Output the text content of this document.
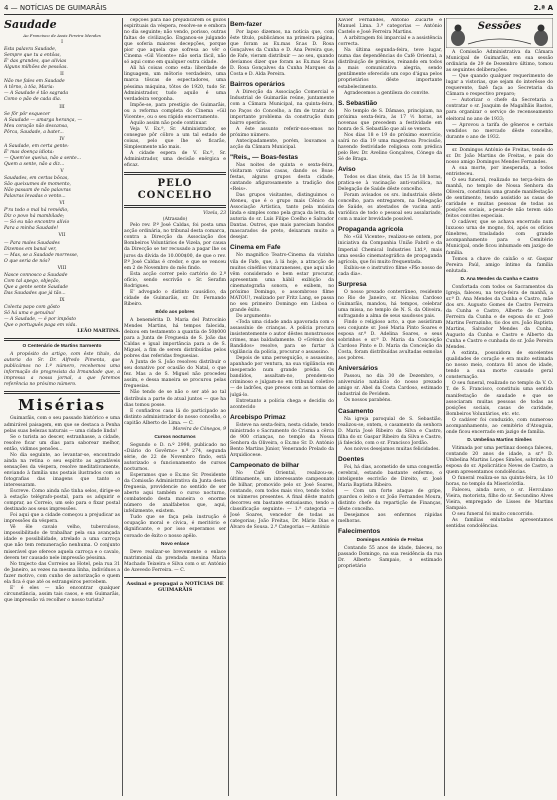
4 — NOTÍCIAS DE GUIMARÃIS	2.ª A
Saudade
Ao Francisco de Assis Pereira Mendes
I
Esta palavra Saudade,
Sempre que tu a entôas,
É' das grandes, que alívias
Alguns milhões de pessôas.
II
Não me fales em Saudade
A tôrno, à tôa, Maria:
— A Saudade é tão sagrada
Como o pão de cada dia.
III
Se fôr pôr esquecer
A Saudade — amarga herança, —
Meu coração não descansa,
Pôrca, Saudade, a bater...
IV
A Saudade, em certa gente:
É' mas doença idiota:
— Quem'se queixa, não a sente...
Quem a sente, não a diz...
V
Saudades, em certas bôcas,
São queixumes de momento,
Não passam de não palavras
Palavras levadas o vento...
VI
P'ra todo o mal há remédio,
Diz o povo há mambilade;
— Só eu não encontro alívio
Para a minha Saudade!
VII
— Para males Saudades
Dizemos em banal ver,
— Mas, se a Saudade morresse,
O que seria de nós?
VIII
Nasce connosco a Saudade
Com tal apego, objeção,
Que a gente sente Saudade
Das Saudades que já tão...
IX
Colecta papo com gôsto
Sô há uma e genuína!
— A Saudade, — é por impôsto
Que o português paga em vida.
LEÃO MARTINS.
O Centenário de Martins Sarmento

A propósito do artigo, com êste título, da autoria do Sr. Dr. Alfredo Pimenta, que publicámos no 1.º número, recebemos uma informação do progresista da Irmandade que, a impressa a nossa jornal, a que faremos referência no próximo número.

Misérias

Guimarãis, com o seu passado histórico e uma admirável paisagem, em que se destaca a Penha pelas suas belezas naturais — uma cidade linda!

Se o turista ao descer, estranhasse, a cidade, resolve ficar um dias para saborear melhor, então, vidimos pensões...

No dia seguinte, ao levantar-se, encontrado ainda na retina o seu espírito as agradáveis sensações da véspera, resolve meditativamente, enviando à família uns postais ilustrados com as fotografias das imagens que tanto o interessaram.

Escreve. Como ainda não tinha selos, dirige-se à estação telégrafo-postal, para os adquirir e comprar, ao Correio, um selo para o fixar postal destinado aos seus impressões.

Foi aqui que a cidade começou a prejudicar as impressões da véspera.

Vê êle cavalo velho, tuberculoso, impossibilitado de trabalhar pela sua avançada idade e possibilidade, atrelado a uma carroça que não tem remuneração nenhuma. O conjunto miserável que oferece aquela carroça e o cavalo, devem ter causado nele impressão péssima.

No trajecto das Correios ao Hotel, pela rua 31 de Janeiro, as vezes na mesma linha, indivíduos a fazer motivo, com cunho de autorização e quem ela fica é que até os estrangeiros percebem.

E' é eles — não encontrar qualquer circunstância, assim tais casos, e em Guimarãis, que impressão vá recolher o nosso turista?

cepções para não prejudicarem os gôzos espirituais da véspera, resolve-se e embora no dia seguinte; não vendo, porisso, outras faltas de civilização. Enganou-se julgando que soferia maiores decepções, porque pior que aquela que sofresa ao vêr o Cinema «Gil Vicente» não seria fácil, não só aqui como em qualquer outra cidade.

Ali há coisas como esta: liberdade de linguagem, um môtorio verdadeiro, uma marca tôscas de espectadores, uma péssima máquina, tôtos de 1920, tudo Sr. Administrador, tudo aquilo é uma verdadeira vergonha.

Impõe-se, para prestígio de Guimarãis, ou a reforma completa do Cinema «Gil Vicente», ou o seu rápido encerramento.

Aquilo assim não pode continuar.

Veja V. Ex.ª, Sr. Administrador, se consegue pôr côbro a um tal estado de coisas, pelo que lhe só ficarão, Simplesmente não mais.

A cidade espera de V. Ex.ª, Sr. Administrador, uma decisão enérgica e eficaz.

PELO CONCELHO
Vizela, 23
(Atrasado)

Pelo rev. P.º José Caldas, foi posta uma acção ordinária, no tribunal desta comarca, contra a Direcção da Associação dos Bombeiros Voluntários de Vizela, por causa da Direcção se ter recusado a pagar lhe os juros da dívida de 10.000$00, de que o rev. P.º José Caldas é credor, e que se venceu em 2 de Novembro do mês findo.

Esta acção correr pelo cartório do 2.º ofício, sendo escrivão o Sr. Serafim Rodrigues.

E' advogado o distinto causídico, da cidade de Guimarãis, sr. Dr. Fernando Ribeiro.

Bôdo aos pobres

A benemérita D. Maria del Patrocínio Mendes Martins, há tempos falecida, deixou em testamento a quantia de 50$000 para a Junta de Freguesia de S. João das Caldas e igual importância para a de S. Miguel, a fim de serem distribuídas pelos pobres das referidas freguesias.

A Junta de S. João resolveu distribuir o seu donativo por ocasião do Natal, o que fez. Mas a de S. Miguel não procedeu assim, e dessa maneira se procurou pelas freguesias.

Não tendo de se não o ser até ao tal distribuiu a parte do atual juntos — que ha dias tomou posse.

E confiadros casa lá do participado ao distinto administrador do nosso concelho, o capitão Alberto de Lima. — C.

Moreira de Cónegos, 9
Cursos nocturnos

Segundo o D. n.º 2998, publicado no «Diário do Govêrno» n.º 274, segunda série, de 22 de Novembro findo, está autorizado o funcionamento de cursos nocturnos.

Esperamos que o Ex.mo Sr. Presidente da Comissão Administrativa da Junta desta freguesia, providencie no sentido de ser aberto aqui também o curso nocturno, combatendo desta maneira o enorme número de analfabetos que, aqui, infelizmente, existem.

Tudo que se faça pela instrução é ocupação moral e cívica, é meritório e dignificante, e por isso esperamos ser coroado de êxito o nosso apêlo.

Novo enlace

Deve realizar-se brevemente o enlace matrimonial da prendada menina Maria Machado Teixeira e Silva com o sr. António de Azevedo Ferreira. — C.

Assinai e propagai a NOTÍCIAS DE GUIMARÃIS
Bem-fazer

Por lapso dizemos, na notícia que, com êste título, publicámos na primeira página, que foram as Ex.mas Sr.as D. Rosa Gonçalves da Cunha e D. Ana Pereira que, de Fafe, vieram distribuir — ao seu, quando devíamos dizer que foram as Ex.mas Sr.as D. Rosa Gonçalves da Cunha Marques da Costa e D. Alda Pereira.

Bairros operários

A Direcção da Associação Comercial e Industrial de Guimarãis reúne, juntamente com a Câmara Municipal, na quinta-feira, no Paços do Concelho, a fim de tratar do importante problema da construção dum bairro operário.

A êste assunto referir-nos-emos no próximo número.

Antecipadamente, porém, louvamos a acção da Câmara Municipal.

"Reis„ — Boas-festas

Nas noites de quinta e sexta-feira, visitaram várias casas, dando os Boas-festas, alguns grupos desta cidade, cantando afigurosamente a tradição dos «Reis».

Das grupos visitantes, distinguimos o Ateneu, que é o grupo mais Cênico da Associação Artística, tanto pela música linda e simples como pela graça da letra, da autoria do sr. Luís Filipe Coelho e Salvador Dantas. Outros, que mais pareciam bandos mascarados de preto, deixaram muito a desejar.

Cinema em Fafe

No magnífico Teatro-Cinema da vizinha vila de Fafe, que, à lá hoje, a atracção de muitos cinéfilos vimaranenses, que aqui não vêm considerado e bem estar procurar, apresentam uma hábil exibição da cinematografia sonora, e exibem, no próximo Domingo, o assombroso filme MATOU!, realizado por Fritz Lang, se passa no seu primeiro Domingo em Lisboa o grande êxito.

Do argumento:

«Toda uma cidade anda apavorada com o assassínio de crianças. A polícia procura insistentemente o autor dêstes monstruosos crimes, mas baldadamente. O «Grémio dos Bandidos» resolve, para se furtar à vigilância da polícia, procurar o assassino.

Depois de uma perseguição, o assassino, apanhado por ventura, na sua vigilância em inesperado num grande prédio. Os bandidos, assaltam-no, prendem-no criminoso e julgam-no em tribunal coletivo — de ladrões, que presos com as tormas de julgá-lo.

Entretanto a polícia chega e decidiu do acontecido

Arcebispo Primaz

Esteve na sexta-feira, nesta cidade, tendo ministrado o Sacramento do Crisma a cêrca de 900 crianças, no templo da Nossa Senhora da Oliveira, o Ex.mo Sr. D. António Bento Martins Júnior, Venerando Prelado da Arquidiocese.

Campeonato de bilhar

No Café Oriental, realizou-se, últimamente, um interessante campeonato de bilhar, promovido pelo sr. José Soares, contando, com todos mais vivo, tendo todos os números presentes. A final dêste match decorreu em bastante entusiasmo, tendo a classificação seguinte: — 1.ª categoria — José Soares, vencedor de todas as categorias; João Freitas, Dr. Mário Dias e Álvaro de Sousa. 2.ª Categorias — António

Xavier Fernandes, António Zucarte e Manuel Lima. 3.ª categorias — António Castelo e José Ferreira Martins.

A arbitragem foi imparcial e a assistência correcta.

Na última segunda-feira, teve lugar, numa das dependências do Café Oriental, a distribuição de prémios, reinando em todos a mais comunicativa alegria, sendo gentilmente oferecido um copo d'água pelos proprietários dêste importante estabelecimento.

Agradecemos a gentileza do convite.

S. Sebastião

No templo de S. Dâmaso, principiam, na próxima sexta-feira, às 17 ½ horas, as novenas que precedem a festividade em honra de S. Sebastião que ali se venera.

Nos dias 18 e 19 do próximo exercício, saírá no dia 19 uma magestosa Procissão, havendo festividade religiosa com prédica pelo Rev. Dr. Avelino Gonçalves, Cónego da Sé de Braga.

Aviso

Todos os dias úteis, das 15 às 18 horas, pratica-se à vacinação anti-variólica, na Delegação de Saúde dêste concelho.

Foram avisados os srs. industriais dêste concelho, para entregarem, na Delegação de Saúde, os atestados de vacina anti-variólica de todo o pessoal seu assalariado, com a maior brevidade possível.

Propaganda agrícola

No «Gil Vicente», realizou-se ontem, por iniciativa da Companhia União Fabril e da Imperial Chemical Industries Ltd.º, mais uma sessão cinematográfica de propaganda agrícola, que foi muito frequentada.

Exibiu-se o instrutivo filme «Pão nosso de cada dia».

Surpresa

O nosso prezado conterrâneo, residente no Rio de Janeiro, sr. Nicolau Cardoso Guimarãis, mandou, há tempos, celebrar uma missa, no templo de N. S. da Oliveira, sufragando a alma de seus saudosos pais.

Findo o religioso acto, a que assistiram seu conjunte sr. José Maria Pinto Soares e esposa sr.ª D. Adelina Soares, e seus sobrinhos e sr.ª D. Maria da Conceição Cardoso Pinto e D. Maria da Conceição da Costa, foram distribuídas avultadas esmolas aos pobres.

Aniversários

Passou, no dia 30 de Dezembro, o aniversário natalício do nosso prezado amigo sr. Abel da Costa Cardoso, estimado industrial do Pevidem.

Os nossos parabéns.

Casamento

Na igreja paroquial de S. Sebastião, realizou-se, ontem, o casamento da senhora D. Maria José Ribeiro da Silva e Castro, filha do sr. Gaspar Ribeiro da Silva e Castro, já falecido, com o sr. Francisco Jordão.

Aos noivos desejamos muitas felicidades.

Doentes

Foi, há dias, acometido de uma congestão cerebral, estando bastante enfermo, o inteligente escrivão de Direito, sr. José Maria Baptista Ribeiro.

— Com um forte ataque de gripe, guardou o leito o sr. João Fernandes Moura, distinto chefe da repartição de Finanças, dêste concelho.

Desejamos aos enfermos rápidas melhoras.

Falecimentos
Domingos António de Freitas

Contando 55 anos de idade, faleceu, no passado Domingo, na sua residência da rua Dr. Alberto Sampaio, o estimado proprietário

Sessões

A Comissão Administrativa da Câmara Municipal de Guimarãis, em sua sessão ordinária de 29 de Dezembro último, tomou as seguintes deliberações:

— Que quando qualquer requerimento de lugar a vistorias, que sejam do interêsse do requerente, fazê faça ao Secretaria da Câmara o respectivo preparo;

— Autorizar o chefe da Secretaria a contratar o sr. Joaquim de Magalhãis Bastos, para organizar o serviço de recenseamento eleitoral no ano de 1933;

— Aprovou a tarifa de gêneros e certais vendidos no mercado dêste concelho, durante o ano de 1932.

sr. Domingos António de Freitas, tendo do sr. Dr. João Martins de Freitas, e pais do nosso amigo Domingos Mendes Fernandes.

A sua morte, por inesperada, a todos entristeceu.

O seu funeral, realizado no terça-feira de manhã, no templo de Nossa Senhora da Oliveira, constituiu uma grande manifestação de sentimento, tendo assistido as casas de caridade e muitas pessoas de todas as posições sociais, a-pesar-de não terem sido feitos convites especiais.

O cadáver, que se achava encerrado num luxuoso urna de mogno, foi, após os ofícios fúnebres, trasladado com grande acompanhamento para o Cemitério Municipal, onde ficou inhumado em jazigo de família.

Tomou a chave do caixão o sr. Gaspar Pereira Paúl, amigo íntimo da família enlutada.

D. Ana Mendes da Cunha e Castro

Confortada com todos os Sacramentos da Igreja, faleceu, na terça-feira de manhã, a sr.ª D. Ana Mendes da Cunha e Castro, mãe dos srs. Augusto Gomes de Castro Ferreira da Cunha e Castro, Alberto de Castro Ferreira da Cunha e de esposa do sr. José Martins Ferrazinho, tio dos srs. João Baptista Martins, Salvador Mendes da Cunha, Augusto da Cunha e Castro e Alberto da Cunha e Castro e cunhada do sr. João Pereira Mendes.

A extinta, possuidora de excelentes qualidades de coração e era muito estimada no nosso meio, contava 81 anos de idade, tendo a sua morte causado geral consternação.

O seu funeral, realizado no templo da V. O. T. de S. Francisco, constituiu uma sentida manifestação de saudade e que se associaram muitas pessoas de todas as posições sociais, casas de caridade, Bombeiros Voluntários, etc. etc.

O cadáver foi conduzido, com numeroso acompanhamento, ao cemitério d'Atouguia, onde ficou encerrado em jazigo de família.

D. Umbelina Martins Simões

Vitimada por uma pertinaz doença faleceu, contando 20 anos de idade, a sr.ª D. Umbelina Martins Lopes Simões, sobrinha da esposa do sr. Apolicrático Neves de Castro, a quem apresentamos condolências.

O funeral realiza-se na quinta-feira, às 10 horas, no templo da Misericórdia.

Faleceu, ainda novo, o sr. Herculano Vieira, motorista, filho do sr. Secundino Alves Vieira, empregado de Lisses de Martins Sampaio.

O seu funeral foi muito concorrido.

As famílias enlutadas apresentamos sentidas condolências.
